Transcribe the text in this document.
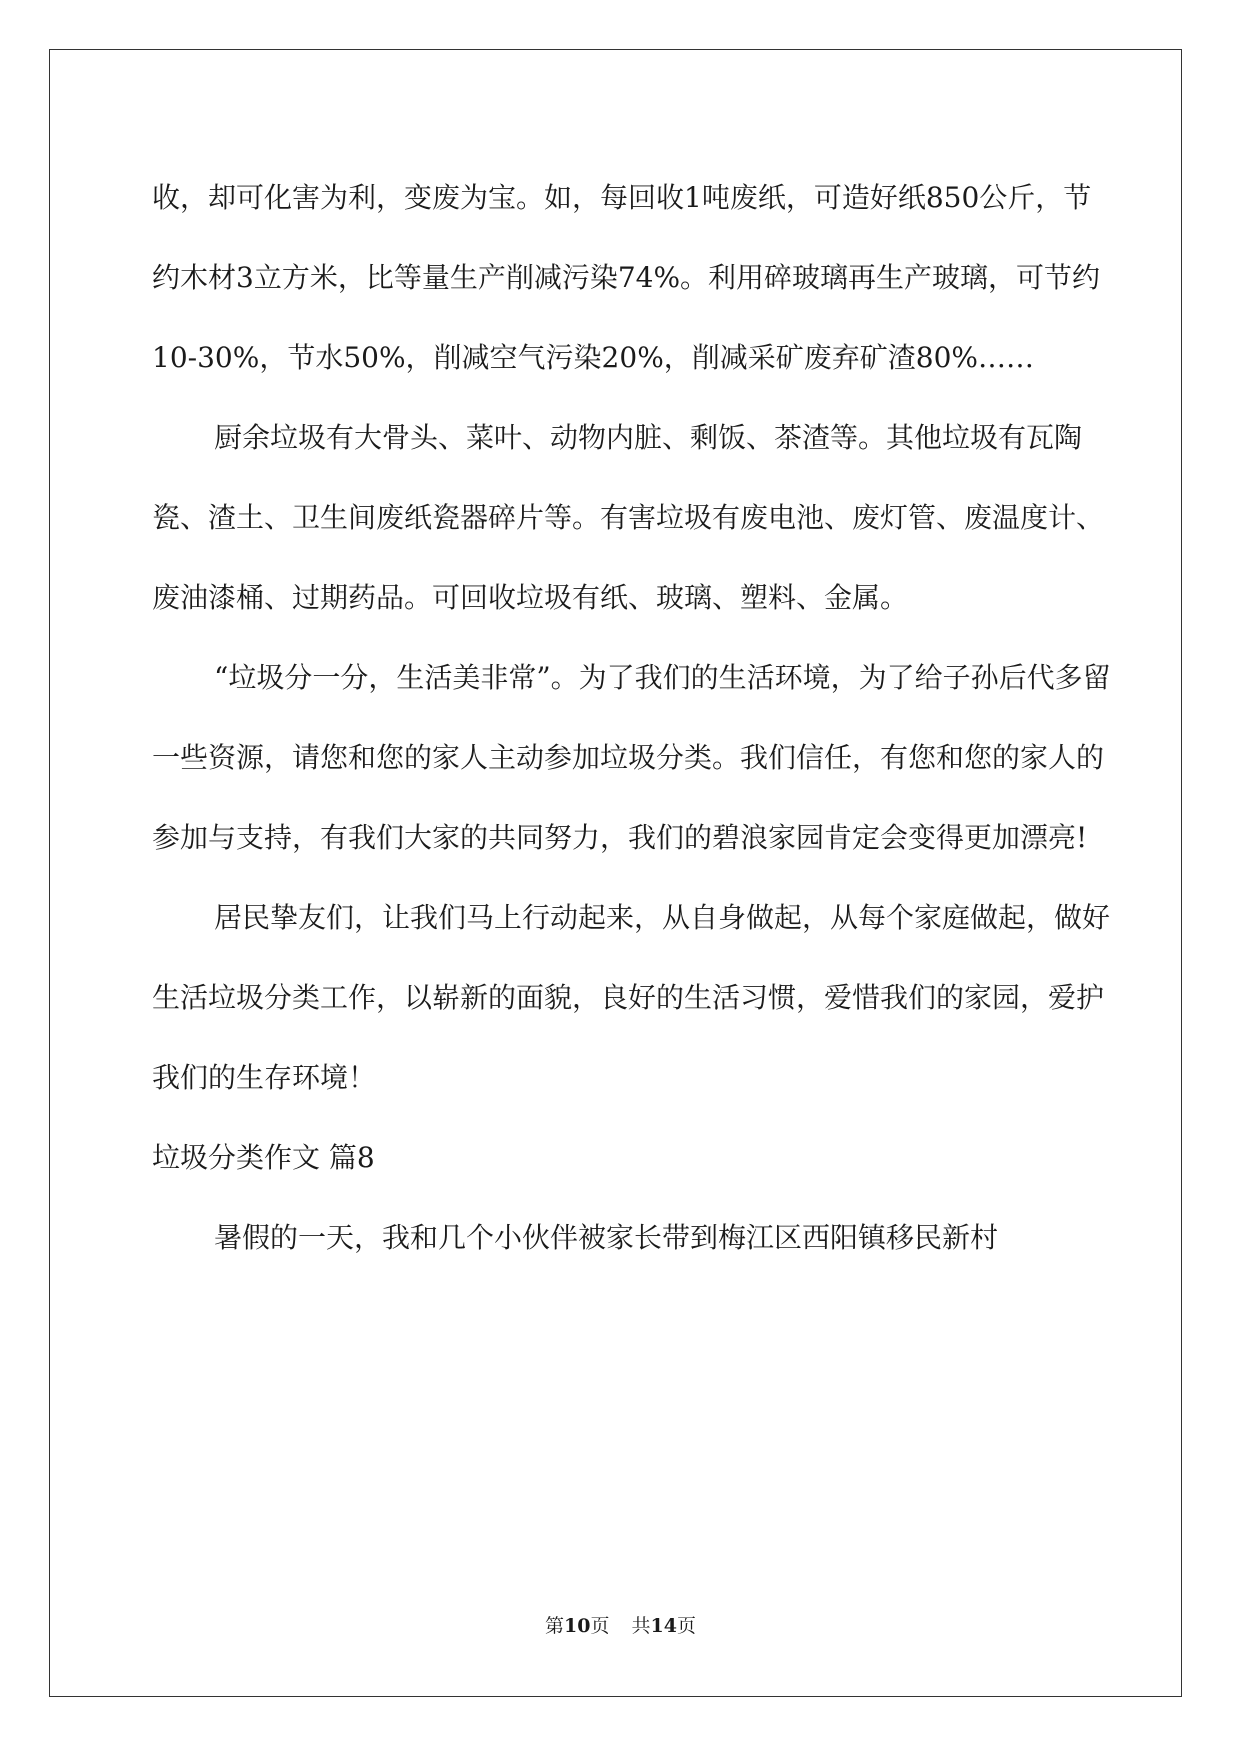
收，却可化害为利，变废为宝。如，每回收1吨废纸，可造好纸850公斤，节约木材3立方米，比等量生产削减污染74%。利用碎玻璃再生产玻璃，可节约10-30%，节水50%，削减空气污染20%，削减采矿废弃矿渣80%……

厨余垃圾有大骨头、菜叶、动物内脏、剩饭、茶渣等。其他垃圾有瓦陶瓷、渣土、卫生间废纸瓷器碎片等。有害垃圾有废电池、废灯管、废温度计、废油漆桶、过期药品。可回收垃圾有纸、玻璃、塑料、金属。

“垃圾分一分，生活美非常”。为了我们的生活环境，为了给子孙后代多留一些资源，请您和您的家人主动参加垃圾分类。我们信任，有您和您的家人的参加与支持，有我们大家的共同努力，我们的碧浪家园肯定会变得更加漂亮!

居民挚友们，让我们马上行动起来，从自身做起，从每个家庭做起，做好生活垃圾分类工作，以崭新的面貌，良好的生活习惯，爱惜我们的家园，爱护我们的生存环境！

垃圾分类作文 篇8

暑假的一天，我和几个小伙伴被家长带到梅江区西阳镇移民新村

第10页 共14页
